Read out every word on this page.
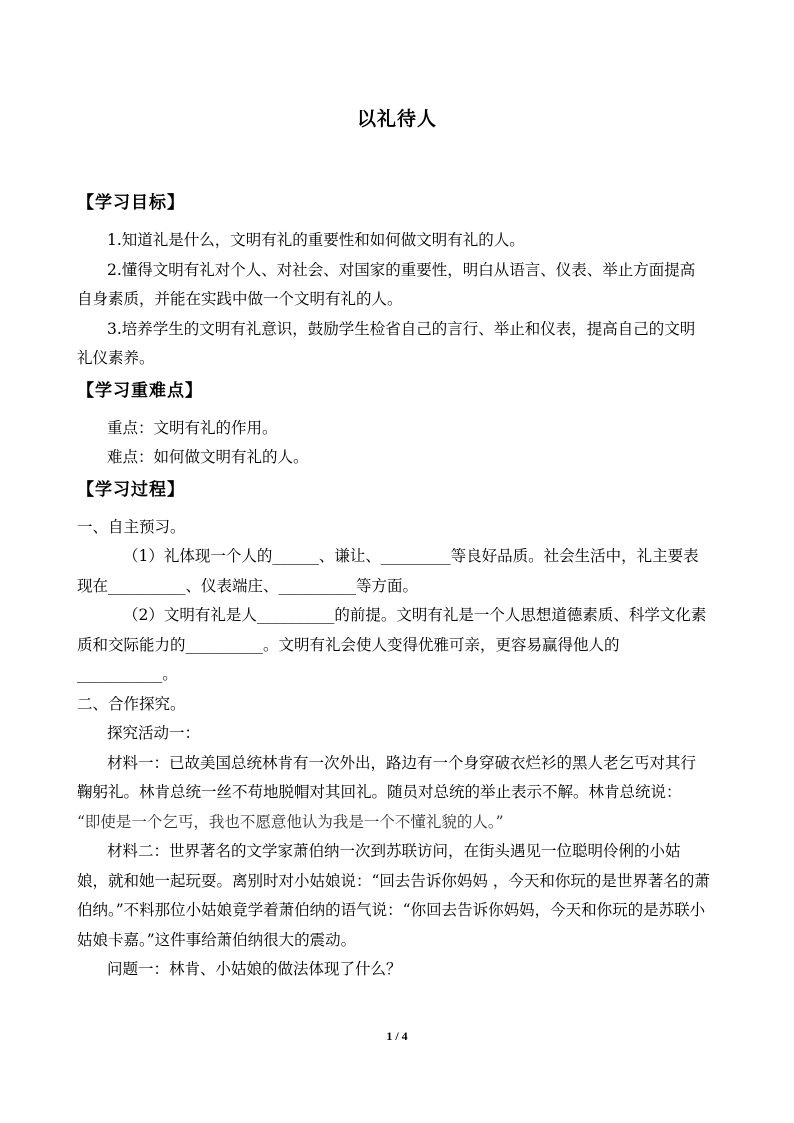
以礼待人
【学习目标】
1.知道礼是什么，文明有礼的重要性和如何做文明有礼的人。
2.懂得文明有礼对个人、对社会、对国家的重要性，明白从语言、仪表、举止方面提高自身素质，并能在实践中做一个文明有礼的人。
3.培养学生的文明有礼意识，鼓励学生检省自己的言行、举止和仪表，提高自己的文明礼仪素养。
【学习重难点】
重点：文明有礼的作用。
难点：如何做文明有礼的人。
【学习过程】
一、自主预习。
（1）礼体现一个人的______、谦让、_________等良好品质。社会生活中，礼主要表现在__________、仪表端庄、__________等方面。
（2）文明有礼是人__________的前提。文明有礼是一个人思想道德素质、科学文化素质和交际能力的__________。文明有礼会使人变得优雅可亲，更容易赢得他人的___________。
二、合作探究。
探究活动一：
材料一：已故美国总统林肯有一次外出，路边有一个身穿破衣烂衫的黑人老乞丐对其行鞠躬礼。林肯总统一丝不苟地脱帽对其回礼。随员对总统的举止表示不解。林肯总统说：
“即使是一个乞丐，我也不愿意他认为我是一个不懂礼貌的人。”
材料二：世界著名的文学家萧伯纳一次到苏联访问，在街头遇见一位聪明伶俐的小姑娘，就和她一起玩耍。离别时对小姑娘说：“回去告诉你妈妈 ，今天和你玩的是世界著名的萧伯纳。”不料那位小姑娘竟学着萧伯纳的语气说：“你回去告诉你妈妈，今天和你玩的是苏联小姑娘卡嘉。”这件事给萧伯纳很大的震动。
问题一：林肯、小姑娘的做法体现了什么？
1 / 4
